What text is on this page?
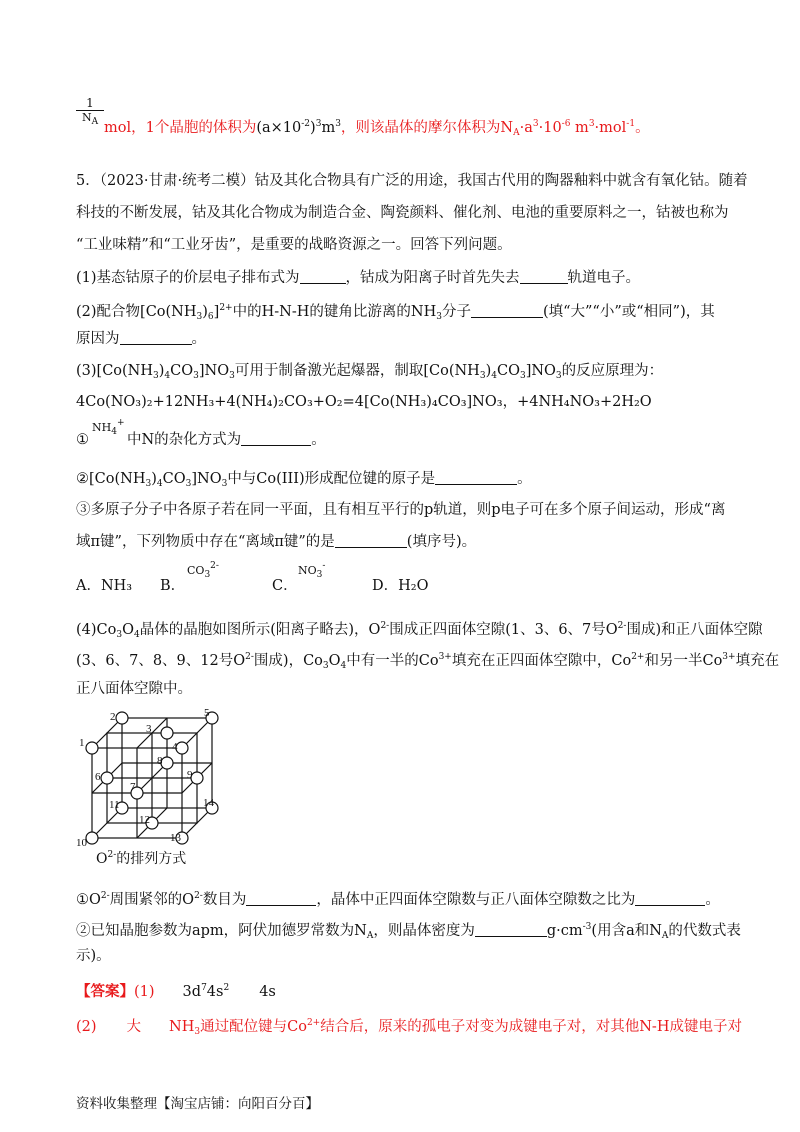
$\frac{1}{N_A}$ mol，1个晶胞的体积为$(a\times 10^{-2})^3m^3$，则该晶体的摩尔体积为$N_A\cdot a^3\cdot 10^{-6}$ $m^3\cdot mol^{-1}$。
5．（2023·甘肃·统考二模）钴及其化合物具有广泛的用途，我国古代用的陶器釉料中就含有氧化钴。随着
科技的不断发展，钴及其化合物成为制造合金、陶瓷颜料、催化剂、电池的重要原料之一，钴被也称为
“工业味精”和“工业牙齿”，是重要的战略资源之一。回答下列问题。
(1)基态钴原子的价层电子排布式为	，钴成为阳离子时首先失去	轨道电子。
(2)配合物$[Co(NH_3)_6]^{2+}$中的H-N-H的键角比游离的$NH_3$分子	(填“大”“小”或“相同”)，其
原因为	。
$(3)[Co(NH_3)_4CO_3]NO_3$可用于制备激光起爆器，制取$[Co(NH_3)_4CO_3]NO_3$的反应原理为：
4Co(NO₃)₂+12NH₃+4(NH₄)₂CO₃+O₂=4[Co(NH₃)₄CO₃]NO₃，+4NH₄NO₃+2H₂O
$NH_4^+$
①	中N的杂化方式为	。
$②[Co(NH_3)_4CO_3]NO_3$中与Co(III)形成配位键的原子是	。
③多原子分子中各原子若在同一平面，且有相互平行的p轨道，则p电子可在多个原子间运动，形成“离
域π键”，下列物质中存在“离域π键”的是	(填序号)。
A．NH₃ B．
$CO_3^{2-}$
C．
$NO_3^-$
D．H₂O
$(4)Co_3O_4$晶体的晶胞如图所示(阳离子略去)，$O^{2-}$围成正四面体空隙(1、3、6、7号$O^{2-}$围成)和正八面体空隙
(3、6、7、8、9、12号$O^{2-}$围成)，$Co_3O_4$中有一半的$Co^{3+}$填充在正四面体空隙中，$Co^{2+}$和另一半$Co^{3+}$填充在
正八面体空隙中。
1
2
3
4
5
6
7
8
9
10
11
12
13
14
$O^{2-}$的排列方式
$①O^{2-}$周围紧邻的$O^{2-}$数目为	，晶体中正四面体空隙数与正八面体空隙数之比为	。
②已知晶胞参数为apm，阿伏加德罗常数为$N_A$，则晶体密度为	$g\cdot cm^{-3}$(用含a和$N_A$的代数式表
示)。
【答案】(1) $3d^74s^2$ 4s
(2) 大 $NH_3$通过配位键与$Co^{2+}$结合后，原来的孤电子对变为成键电子对，对其他N-H成键电子对
资料收集整理【淘宝店铺：向阳百分百】
